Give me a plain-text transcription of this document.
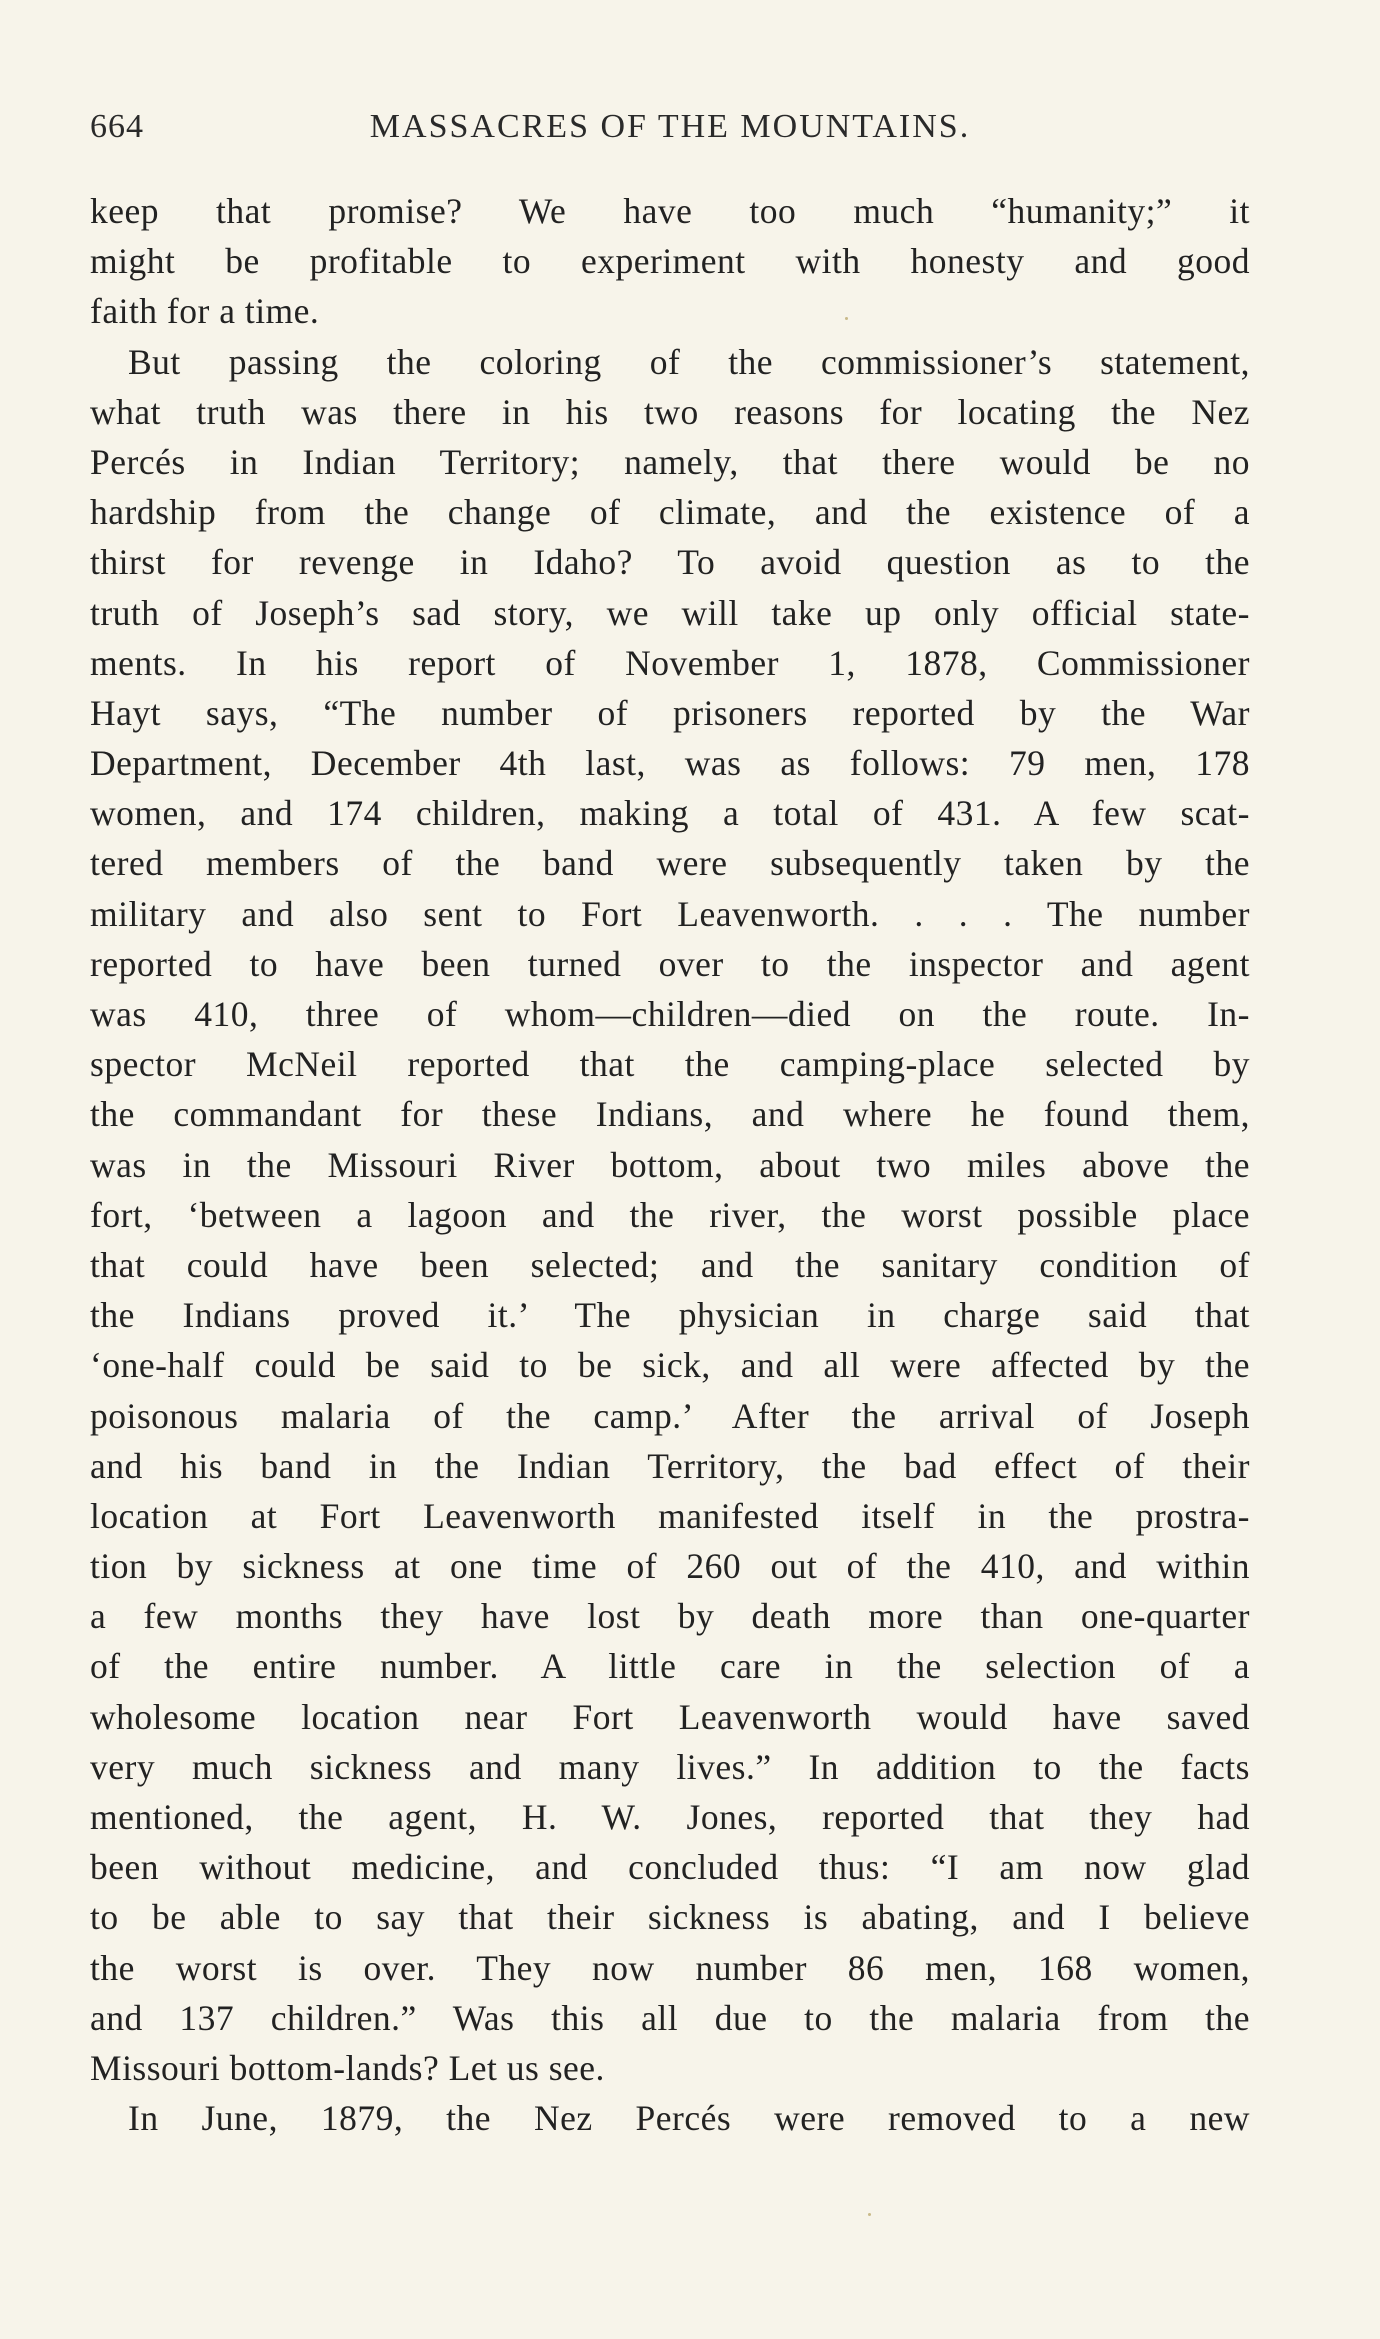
664	MASSACRES OF THE MOUNTAINS.
keep that promise? We have too much “humanity;” it
might be profitable to experiment with honesty and good
faith for a time.
But passing the coloring of the commissioner’s statement,
what truth was there in his two reasons for locating the Nez
Percés in Indian Territory; namely, that there would be no
hardship from the change of climate, and the existence of a
thirst for revenge in Idaho? To avoid question as to the
truth of Joseph’s sad story, we will take up only official state-
ments. In his report of November 1, 1878, Commissioner
Hayt says, “The number of prisoners reported by the War
Department, December 4th last, was as follows: 79 men, 178
women, and 174 children, making a total of 431. A few scat-
tered members of the band were subsequently taken by the
military and also sent to Fort Leavenworth. . . . The number
reported to have been turned over to the inspector and agent
was 410, three of whom—children—died on the route. In-
spector McNeil reported that the camping-place selected by
the commandant for these Indians, and where he found them,
was in the Missouri River bottom, about two miles above the
fort, ‘between a lagoon and the river, the worst possible place
that could have been selected; and the sanitary condition of
the Indians proved it.’ The physician in charge said that
‘one-half could be said to be sick, and all were affected by the
poisonous malaria of the camp.’ After the arrival of Joseph
and his band in the Indian Territory, the bad effect of their
location at Fort Leavenworth manifested itself in the prostra-
tion by sickness at one time of 260 out of the 410, and within
a few months they have lost by death more than one-quarter
of the entire number. A little care in the selection of a
wholesome location near Fort Leavenworth would have saved
very much sickness and many lives.” In addition to the facts
mentioned, the agent, H. W. Jones, reported that they had
been without medicine, and concluded thus: “I am now glad
to be able to say that their sickness is abating, and I believe
the worst is over. They now number 86 men, 168 women,
and 137 children.” Was this all due to the malaria from the
Missouri bottom-lands? Let us see.
In June, 1879, the Nez Percés were removed to a new
